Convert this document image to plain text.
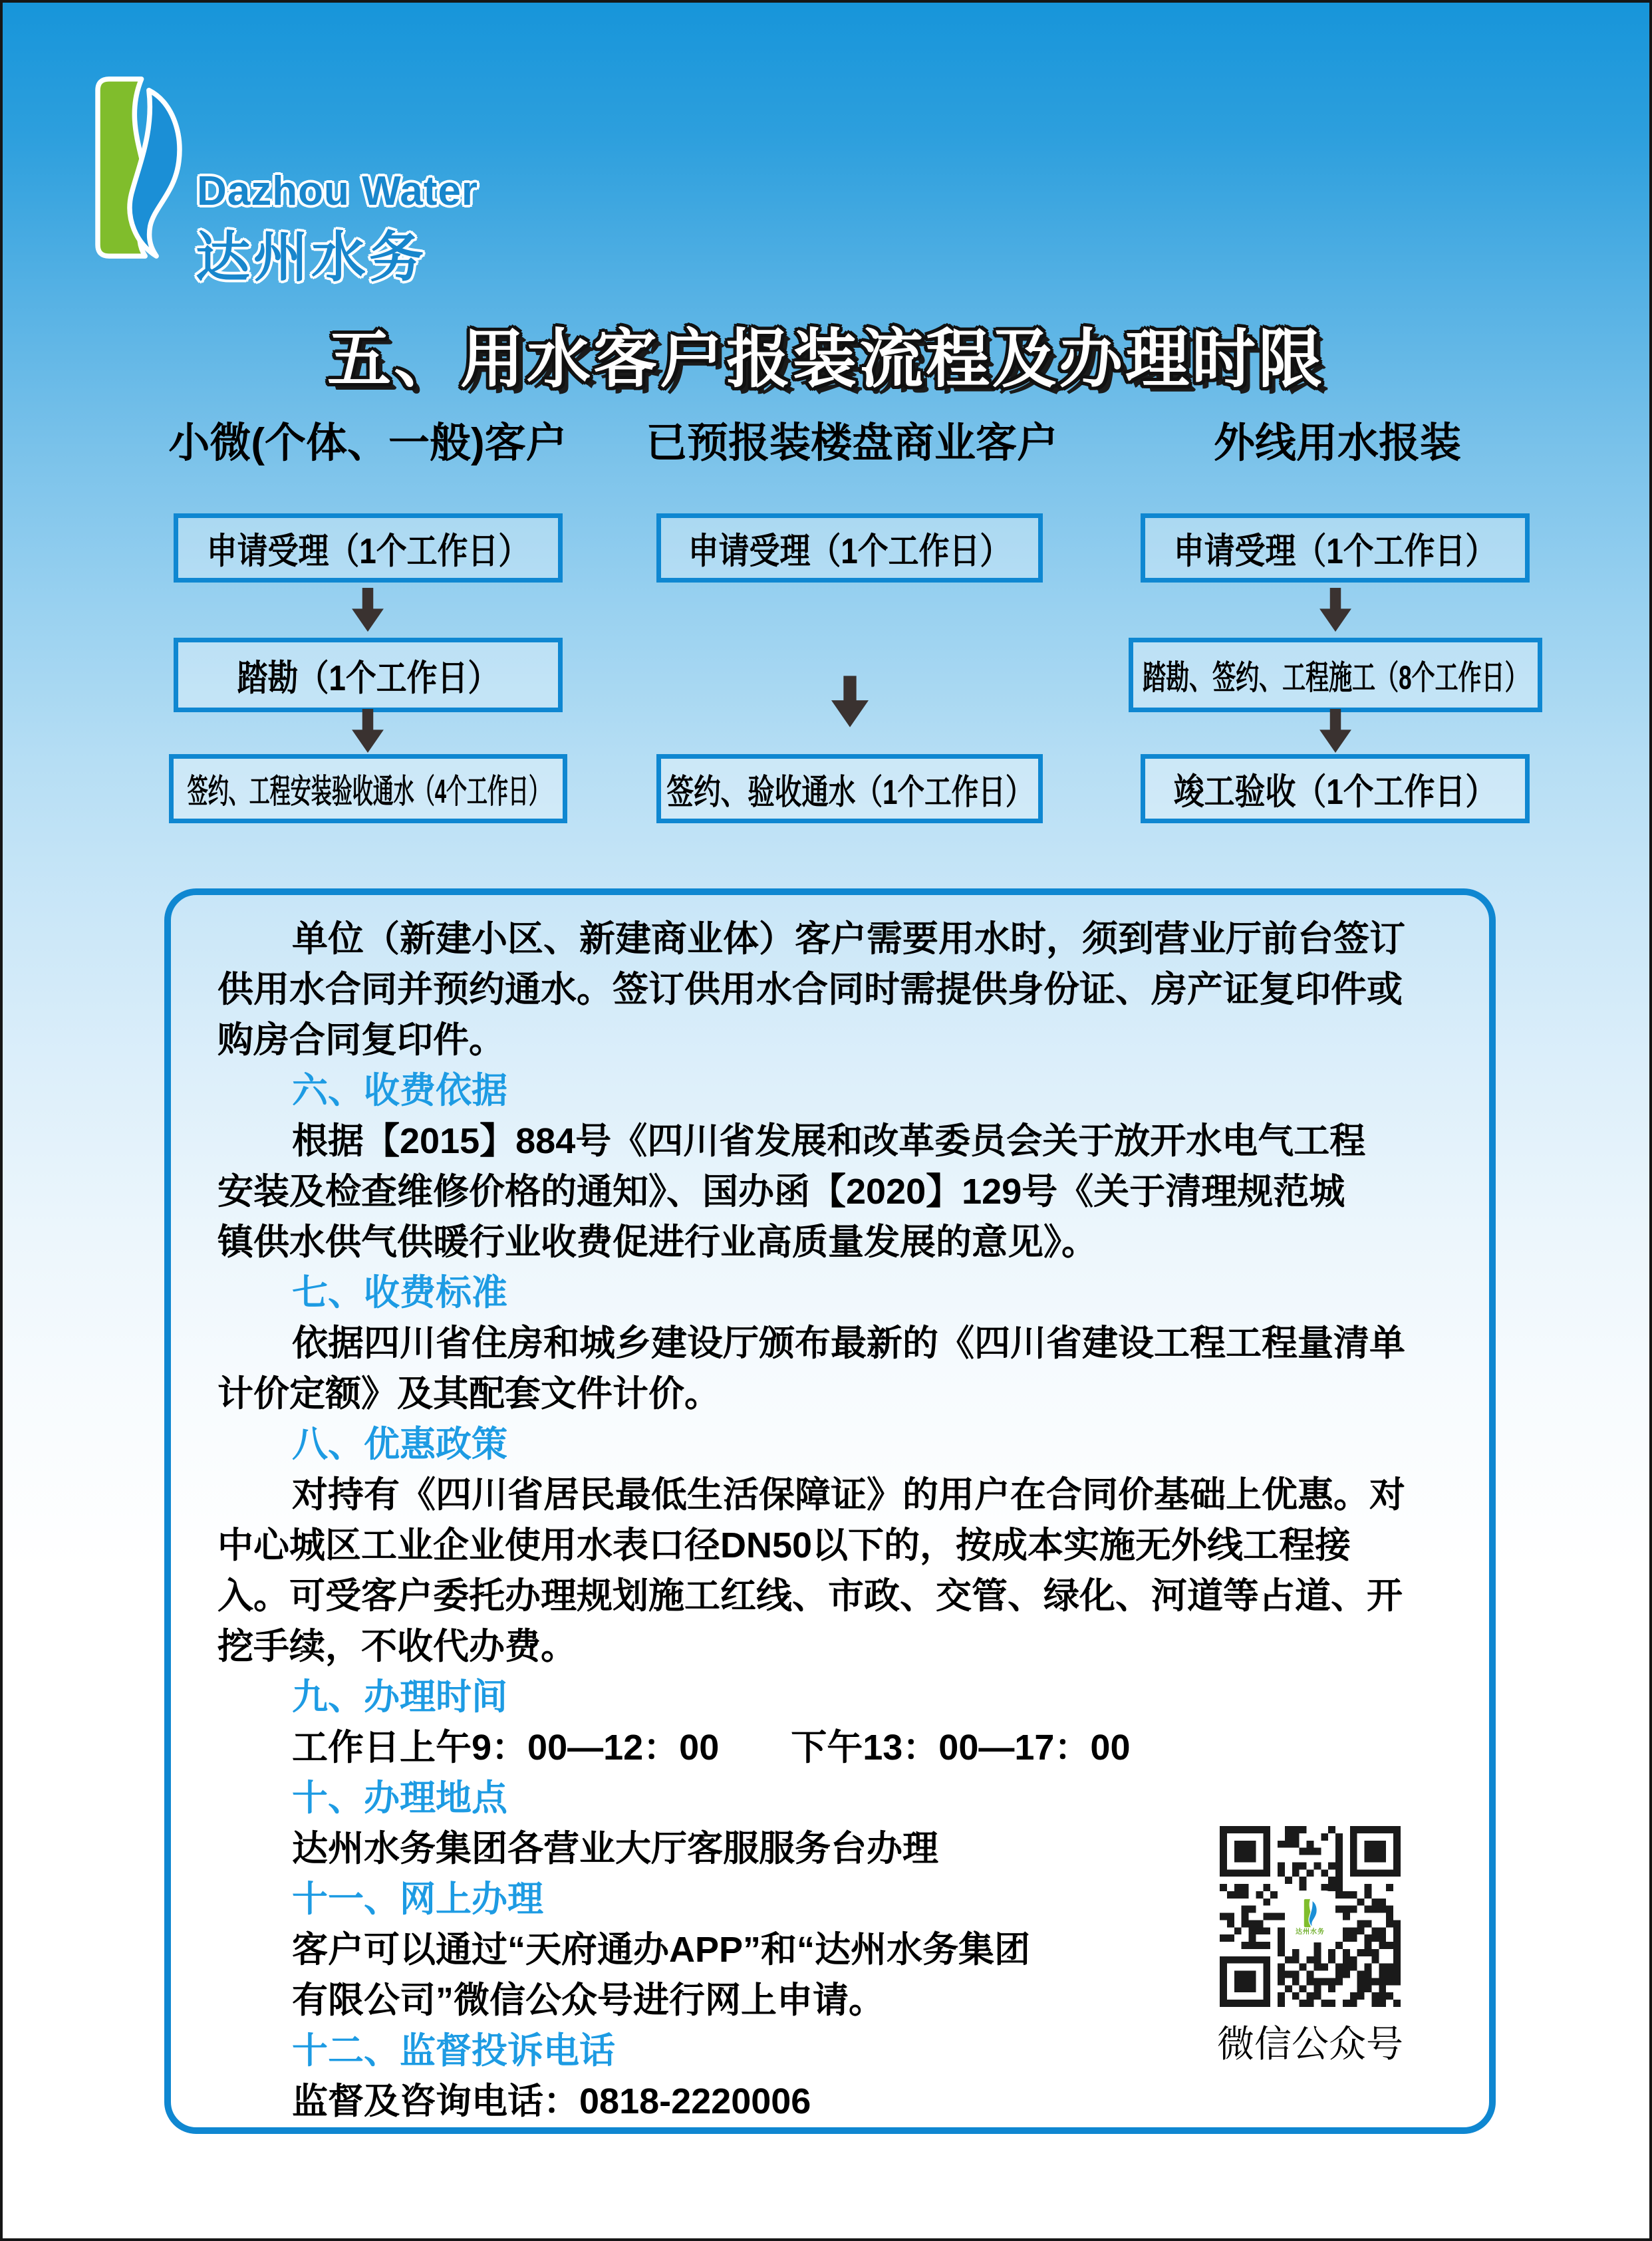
Dazhou Water
达州水务
五、用水客户报装流程及办理时限
小微(个体、一般)客户	已预报装楼盘商业客户	外线用水报装
申请受理（1个工作日）
踏勘（1个工作日）
签约、工程安装验收通水（4个工作日）
申请受理（1个工作日）
签约、验收通水（1个工作日）
申请受理（1个工作日）
踏勘、签约、工程施工（8个工作日）
竣工验收（1个工作日）
单位（新建小区、新建商业体）客户需要用水时，须到营业厅前台签订
供用水合同并预约通水。签订供用水合同时需提供身份证、房产证复印件或
购房合同复印件。
六、收费依据
根据【2015】884号《四川省发展和改革委员会关于放开水电气工程
安装及检查维修价格的通知》、国办函【2020】129号《关于清理规范城
镇供水供气供暖行业收费促进行业高质量发展的意见》。
七、收费标准
依据四川省住房和城乡建设厅颁布最新的《四川省建设工程工程量清单
计价定额》及其配套文件计价。
八、优惠政策
对持有《四川省居民最低生活保障证》的用户在合同价基础上优惠。对
中心城区工业企业使用水表口径DN50以下的，按成本实施无外线工程接
入。可受客户委托办理规划施工红线、市政、交管、绿化、河道等占道、开
挖手续，不收代办费。
九、办理时间
工作日上午9：00—12：00　　下午13：00—17：00
十、办理地点
达州水务集团各营业大厅客服服务台办理
十一、网上办理
客户可以通过“天府通办APP”和“达州水务集团
有限公司”微信公众号进行网上申请。
十二、监督投诉电话
监督及咨询电话：0818-2220006
达州水务
微信公众号
